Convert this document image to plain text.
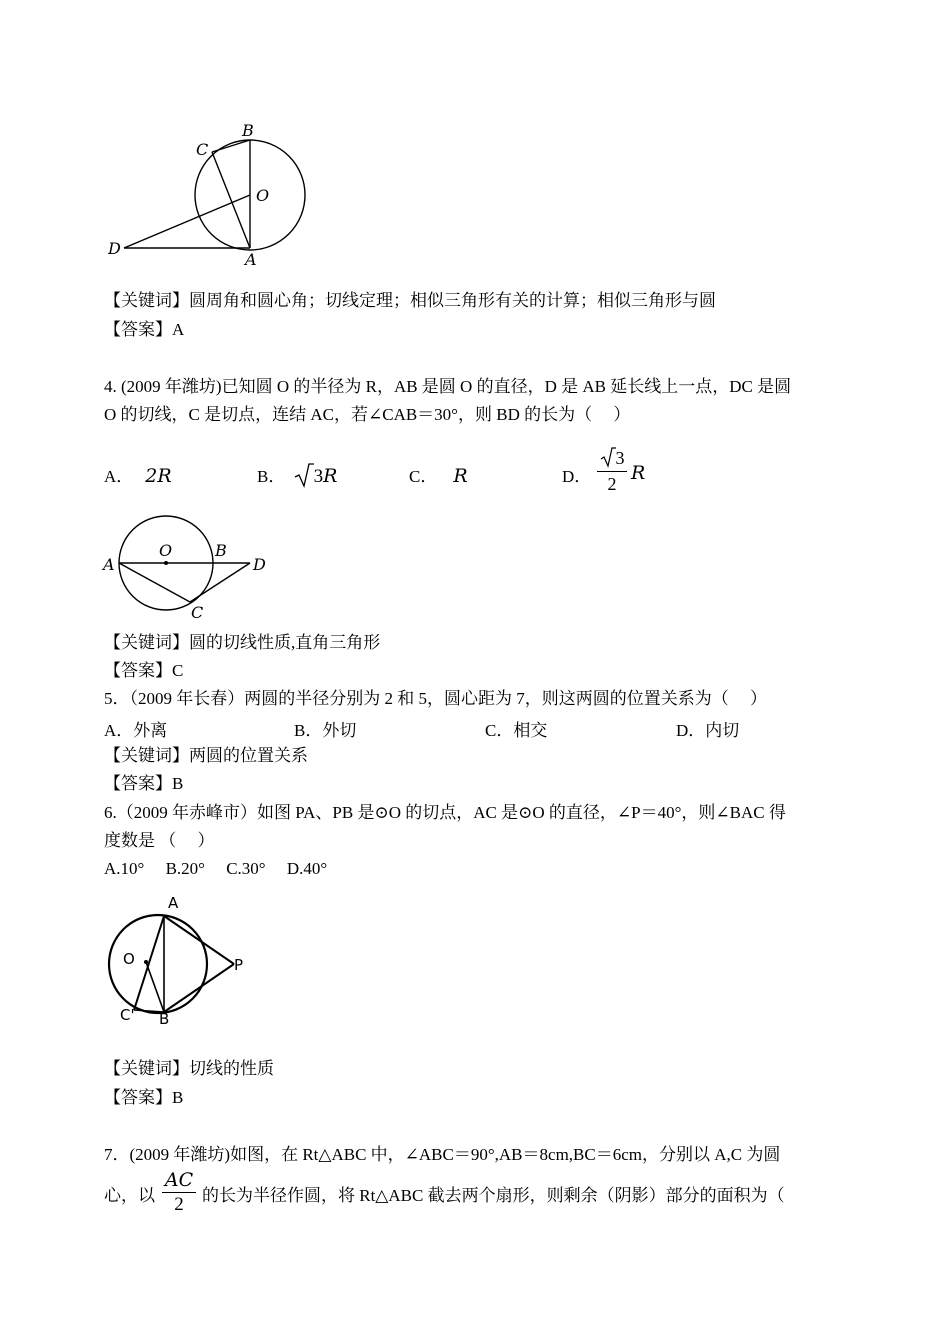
B
C
O
D
A
【关键词】圆周角和圆心角；切线定理；相似三角形有关的计算；相似三角形与圆
【答案】A
4. (2009 年潍坊)已知圆 O 的半径为 R，AB 是圆 O 的直径，D 是 AB 延长线上一点，DC 是圆
O 的切线，C 是切点，连结 AC，若∠CAB＝30°，则 BD 的长为（　 ）
A． 2R	B． 3R	C． R	D．
3
2 R
A
O	B
D
C
【关键词】圆的切线性质,直角三角形
【答案】C
5．（2009 年长春）两圆的半径分别为 2 和 5，圆心距为 7，则这两圆的位置关系为（　 ）
A．外离	B．外切	C．相交	D．内切
【关键词】两圆的位置关系
【答案】B
6.（2009 年赤峰市）如图 PA、PB 是⊙O 的切点，AC 是⊙O 的直径，∠P＝40°，则∠BAC 得
度数是 （　 ）
A.10°　 B.20°　 C.30°　 D.40°
A
O	P
C' B
【关键词】切线的性质
【答案】B
7．(2009 年潍坊)如图，在 Rt△ABC 中，∠ABC＝90°,AB＝8cm,BC＝6cm，分别以 A,C 为圆
心，以
AC
2	的长为半径作圆，将 Rt△ABC 截去两个扇形，则剩余（阴影）部分的面积为（
